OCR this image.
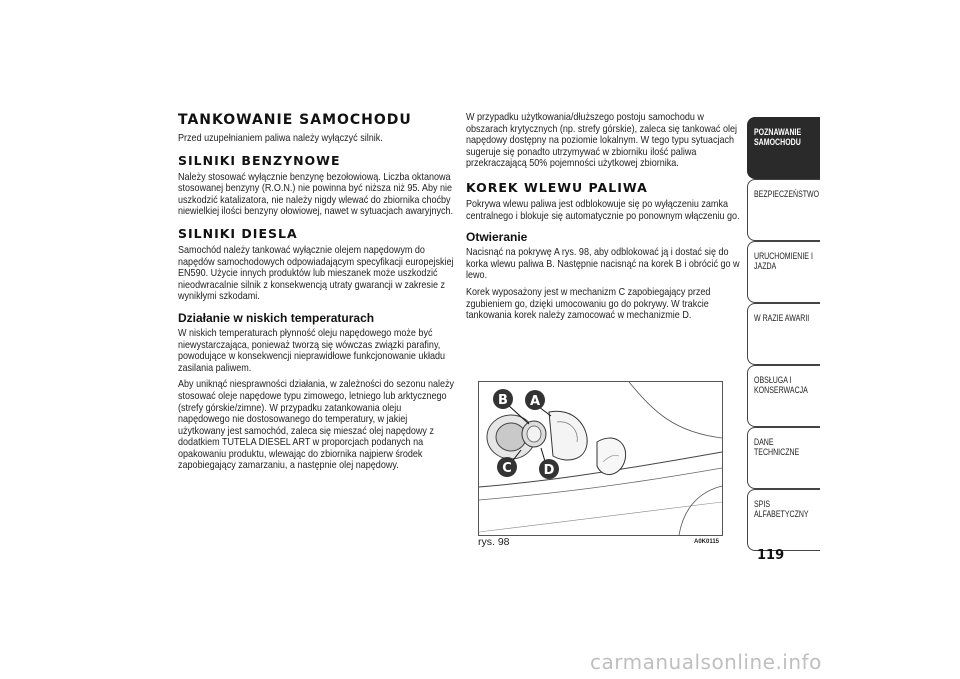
TANKOWANIE SAMOCHODU

Przed uzupełnianiem paliwa należy wyłączyć silnik.

SILNIKI BENZYNOWE

Należy stosować wyłącznie benzynę bezołowiową. Liczba oktanowa stosowanej benzyny (R.O.N.) nie powinna być niższa niż 95. Aby nie uszkodzić katalizatora, nie należy nigdy wlewać do zbiornika choćby niewielkiej ilości benzyny ołowiowej, nawet w sytuacjach awaryjnych.

SILNIKI DIESLA

Samochód należy tankować wyłącznie olejem napędowym do napędów samochodowych odpowiadającym specyfikacji europejskiej EN590. Użycie innych produktów lub mieszanek może uszkodzić nieodwracalnie silnik z konsekwencją utraty gwarancji w zakresie z wynikłymi szkodami.

Działanie w niskich temperaturach

W niskich temperaturach płynność oleju napędowego może być niewystarczająca, ponieważ tworzą się wówczas związki parafiny, powodujące w konsekwencji nieprawidłowe funkcjonowanie układu zasilania paliwem.

Aby uniknąć niesprawności działania, w zależności do sezonu należy stosować oleje napędowe typu zimowego, letniego lub arktycznego (strefy górskie/zimne). W przypadku zatankowania oleju napędowego nie dostosowanego do temperatury, w jakiej użytkowany jest samochód, zaleca się mieszać olej napędowy z dodatkiem TUTELA DIESEL ART w proporcjach podanych na opakowaniu produktu, wlewając do zbiornika najpierw środek zapobiegający zamarzaniu, a następnie olej napędowy.

W przypadku użytkowania/dłuższego postoju samochodu w obszarach krytycznych (np. strefy górskie), zaleca się tankować olej napędowy dostępny na poziomie lokalnym. W tego typu sytuacjach sugeruje się ponadto utrzymywać w zbiorniku ilość paliwa przekraczającą 50% pojemności użytkowej zbiornika.

KOREK WLEWU PALIWA

Pokrywa wlewu paliwa jest odblokowuje się po wyłączeniu zamka centralnego i blokuje się automatycznie po ponownym włączeniu go.

Otwieranie

Nacisnąć na pokrywę A rys. 98, aby odblokować ją i dostać się do korka wlewu paliwa B. Następnie nacisnąć na korek B i obrócić go w lewo.

Korek wyposażony jest w mechanizm C zapobiegający przed zgubieniem go, dzięki umocowaniu go do pokrywy. W trakcie tankowania korek należy zamocować w mechanizmie D.

A
B
C D
rys. 98	A0K0115
POZNAWANIE SAMOCHODU
BEZPIECZEŃSTWO
URUCHOMIENIE I JAZDA
W RAZIE AWARII
OBSŁUGA I KONSERWACJA
DANE TECHNICZNE
SPIS ALFABETYCZNY
119
carmanualsonline.info
